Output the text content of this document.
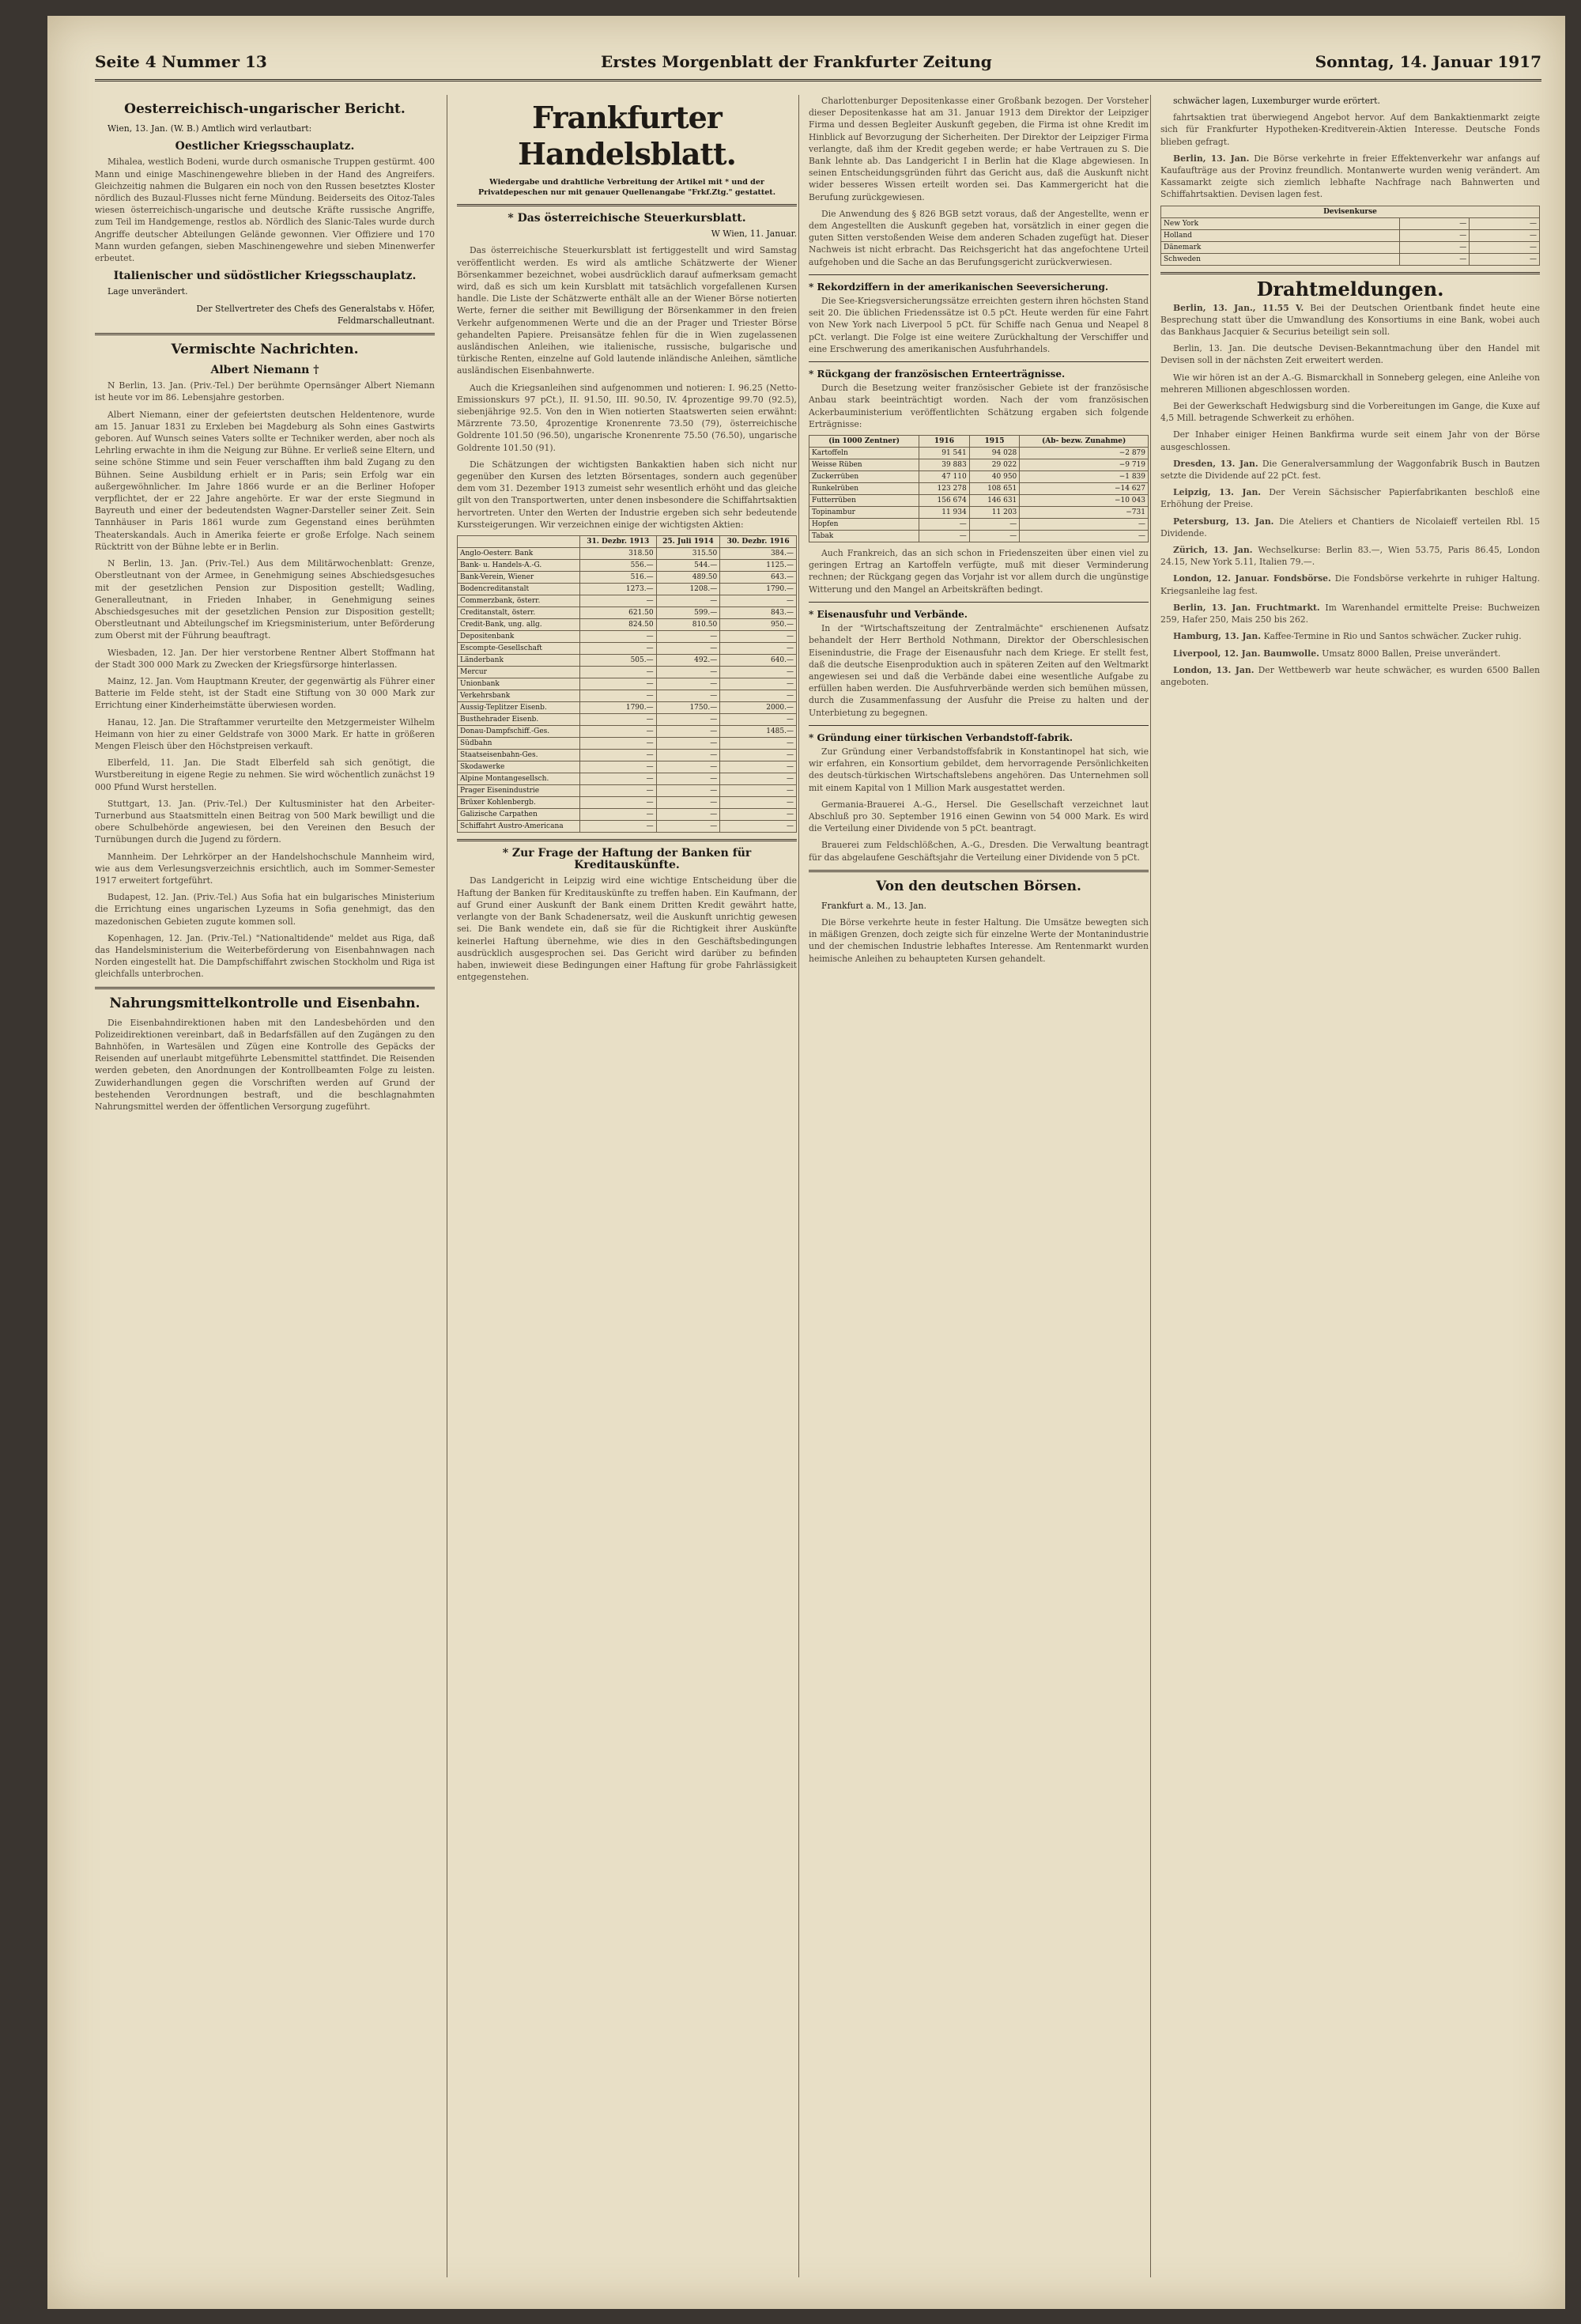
Seite 4 Nummer 13	Erstes Morgenblatt der Frankfurter Zeitung	Sonntag, 14. Januar 1917
Oesterreichisch-ungarischer Bericht.

Wien, 13. Jan. (W. B.) Amtlich wird verlautbart:

Oestlicher Kriegsschauplatz.

Mihalea, westlich Bodeni, wurde durch osmanische Truppen gestürmt. 400 Mann und einige Maschinengewehre blieben in der Hand des Angreifers. Gleichzeitig nahmen die Bulgaren ein noch von den Russen besetztes Kloster nördlich des Buzaul-Flusses nicht ferne Mündung. Beiderseits des Oitoz-Tales wiesen österreichisch-ungarische und deutsche Kräfte russische Angriffe, zum Teil im Handgemenge, restlos ab. Nördlich des Slanic-Tales wurde durch Angriffe deutscher Abteilungen Gelände gewonnen. Vier Offiziere und 170 Mann wurden gefangen, sieben Maschinengewehre und sieben Minenwerfer erbeutet.

Italienischer und südöstlicher Kriegsschauplatz.

Lage unverändert.

Der Stellvertreter des Chefs des Generalstabs v. Höfer, Feldmarschalleutnant.

Vermischte Nachrichten.
Albert Niemann †

N Berlin, 13. Jan. (Priv.-Tel.) Der berühmte Opernsänger Albert Niemann ist heute vor im 86. Lebensjahre gestorben.

Albert Niemann, einer der gefeiertsten deutschen Heldentenore, wurde am 15. Januar 1831 zu Erxleben bei Magdeburg als Sohn eines Gastwirts geboren. Auf Wunsch seines Vaters sollte er Techniker werden, aber noch als Lehrling erwachte in ihm die Neigung zur Bühne. Er verließ seine Eltern, und seine schöne Stimme und sein Feuer verschafften ihm bald Zugang zu den Bühnen. Seine Ausbildung erhielt er in Paris; sein Erfolg war ein außergewöhnlicher. Im Jahre 1866 wurde er an die Berliner Hofoper verpflichtet, der er 22 Jahre angehörte. Er war der erste Siegmund in Bayreuth und einer der bedeutendsten Wagner-Darsteller seiner Zeit. Sein Tannhäuser in Paris 1861 wurde zum Gegenstand eines berühmten Theaterskandals. Auch in Amerika feierte er große Erfolge. Nach seinem Rücktritt von der Bühne lebte er in Berlin.

N Berlin, 13. Jan. (Priv.-Tel.) Aus dem Militärwochenblatt: Grenze, Oberstleutnant von der Armee, in Genehmigung seines Abschiedsgesuches mit der gesetzlichen Pension zur Disposition gestellt; Wadling, Generalleutnant, in Frieden Inhaber, in Genehmigung seines Abschiedsgesuches mit der gesetzlichen Pension zur Disposition gestellt; Oberstleutnant und Abteilungschef im Kriegsministerium, unter Beförderung zum Oberst mit der Führung beauftragt.

Wiesbaden, 12. Jan. Der hier verstorbene Rentner Albert Stoffmann hat der Stadt 300 000 Mark zu Zwecken der Kriegsfürsorge hinterlassen.

Mainz, 12. Jan. Vom Hauptmann Kreuter, der gegenwärtig als Führer einer Batterie im Felde steht, ist der Stadt eine Stiftung von 30 000 Mark zur Errichtung einer Kinderheimstätte überwiesen worden.

Hanau, 12. Jan. Die Straftammer verurteilte den Metzgermeister Wilhelm Heimann von hier zu einer Geldstrafe von 3000 Mark. Er hatte in größeren Mengen Fleisch über den Höchstpreisen verkauft.

Elberfeld, 11. Jan. Die Stadt Elberfeld sah sich genötigt, die Wurstbereitung in eigene Regie zu nehmen. Sie wird wöchentlich zunächst 19 000 Pfund Wurst herstellen.

Stuttgart, 13. Jan. (Priv.-Tel.) Der Kultusminister hat den Arbeiter-Turnerbund aus Staatsmitteln einen Beitrag von 500 Mark bewilligt und die obere Schulbehörde angewiesen, bei den Vereinen den Besuch der Turnübungen durch die Jugend zu fördern.

Mannheim. Der Lehrkörper an der Handelshochschule Mannheim wird, wie aus dem Verlesungsverzeichnis ersichtlich, auch im Sommer-Semester 1917 erweitert fortgeführt.

Budapest, 12. Jan. (Priv.-Tel.) Aus Sofia hat ein bulgarisches Ministerium die Errichtung eines ungarischen Lyzeums in Sofia genehmigt, das den mazedonischen Gebieten zugute kommen soll.

Kopenhagen, 12. Jan. (Priv.-Tel.) "Nationaltidende" meldet aus Riga, daß das Handelsministerium die Weiterbeförderung von Eisenbahnwagen nach Norden eingestellt hat. Die Dampfschiffahrt zwischen Stockholm und Riga ist gleichfalls unterbrochen.

Nahrungsmittelkontrolle und Eisenbahn.

Die Eisenbahndirektionen haben mit den Landesbehörden und den Polizeidirektionen vereinbart, daß in Bedarfsfällen auf den Zugängen zu den Bahnhöfen, in Wartesälen und Zügen eine Kontrolle des Gepäcks der Reisenden auf unerlaubt mitgeführte Lebensmittel stattfindet. Die Reisenden werden gebeten, den Anordnungen der Kontrollbeamten Folge zu leisten. Zuwiderhandlungen gegen die Vorschriften werden auf Grund der bestehenden Verordnungen bestraft, und die beschlagnahmten Nahrungsmittel werden der öffentlichen Versorgung zugeführt.

Frankfurter Handelsblatt.
Wiedergabe und drahtliche Verbreitung der Artikel mit * und der Privatdepeschen nur mit genauer Quellenangabe "Frkf.Ztg." gestattet.
* Das österreichische Steuerkursblatt.

W Wien, 11. Januar.

Das österreichische Steuerkursblatt ist fertiggestellt und wird Samstag veröffentlicht werden. Es wird als amtliche Schätzwerte der Wiener Börsenkammer bezeichnet, wobei ausdrücklich darauf aufmerksam gemacht wird, daß es sich um kein Kursblatt mit tatsächlich vorgefallenen Kursen handle. Die Liste der Schätzwerte enthält alle an der Wiener Börse notierten Werte, ferner die seither mit Bewilligung der Börsenkammer in den freien Verkehr aufgenommenen Werte und die an der Prager und Triester Börse gehandelten Papiere. Preisansätze fehlen für die in Wien zugelassenen ausländischen Anleihen, wie italienische, russische, bulgarische und türkische Renten, einzelne auf Gold lautende inländische Anleihen, sämtliche ausländischen Eisenbahnwerte.

Auch die Kriegsanleihen sind aufgenommen und notieren: I. 96.25 (Netto-Emissionskurs 97 pCt.), II. 91.50, III. 90.50, IV. 4prozentige 99.70 (92.5), siebenjährige 92.5. Von den in Wien notierten Staatswerten seien erwähnt: Märzrente 73.50, 4prozentige Kronenrente 73.50 (79), österreichische Goldrente 101.50 (96.50), ungarische Kronenrente 75.50 (76.50), ungarische Goldrente 101.50 (91).

Die Schätzungen der wichtigsten Bankaktien haben sich nicht nur gegenüber den Kursen des letzten Börsentages, sondern auch gegenüber dem vom 31. Dezember 1913 zumeist sehr wesentlich erhöht und das gleiche gilt von den Transportwerten, unter denen insbesondere die Schiffahrtsaktien hervortreten. Unter den Werten der Industrie ergeben sich sehr bedeutende Kurssteigerungen. Wir verzeichnen einige der wichtigsten Aktien:

	31. Dezbr. 1913	25. Juli 1914	30. Dezbr. 1916
Anglo-Oesterr. Bank	318.50	315.50	384.—
Bank- u. Handels-A.-G.	556.—	544.—	1125.—
Bank-Verein, Wiener	516.—	489.50	643.—
Bodencreditanstalt	1273.—	1208.—	1790.—
Commerzbank, österr.	—	—	—
Creditanstalt, österr.	621.50	599.—	843.—
Credit-Bank, ung. allg.	824.50	810.50	950.—
Depositenbank	—	—	—
Escompte-Gesellschaft	—	—	—
Länderbank	505.—	492.—	640.—
Mercur	—	—	—
Unionbank	—	—	—
Verkehrsbank	—	—	—
Aussig-Teplitzer Eisenb.	1790.—	1750.—	2000.—
Busthehrader Eisenb.	—	—	—
Donau-Dampfschiff.-Ges.	—	—	1485.—
Südbahn	—	—	—
Staatseisenbahn-Ges.	—	—	—
Skodawerke	—	—	—
Alpine Montangesellsch.	—	—	—
Prager Eisenindustrie	—	—	—
Brüxer Kohlenbergb.	—	—	—
Galizische Carpathen	—	—	—
Schiffahrt Austro-Americana	—	—	—
* Zur Frage der Haftung der Banken für Kreditauskünfte.

Das Landgericht in Leipzig wird eine wichtige Entscheidung über die Haftung der Banken für Kreditauskünfte zu treffen haben. Ein Kaufmann, der auf Grund einer Auskunft der Bank einem Dritten Kredit gewährt hatte, verlangte von der Bank Schadenersatz, weil die Auskunft unrichtig gewesen sei. Die Bank wendete ein, daß sie für die Richtigkeit ihrer Auskünfte keinerlei Haftung übernehme, wie dies in den Geschäftsbedingungen ausdrücklich ausgesprochen sei. Das Gericht wird darüber zu befinden haben, inwieweit diese Bedingungen einer Haftung für grobe Fahrlässigkeit entgegenstehen.

Charlottenburger Depositenkasse einer Großbank bezogen. Der Vorsteher dieser Depositenkasse hat am 31. Januar 1913 dem Direktor der Leipziger Firma und dessen Begleiter Auskunft gegeben, die Firma ist ohne Kredit im Hinblick auf Bevorzugung der Sicherheiten. Der Direktor der Leipziger Firma verlangte, daß ihm der Kredit gegeben werde; er habe Vertrauen zu S. Die Bank lehnte ab. Das Landgericht I in Berlin hat die Klage abgewiesen. In seinen Entscheidungsgründen führt das Gericht aus, daß die Auskunft nicht wider besseres Wissen erteilt worden sei. Das Kammergericht hat die Berufung zurückgewiesen.

Die Anwendung des § 826 BGB setzt voraus, daß der Angestellte, wenn er dem Angestellten die Auskunft gegeben hat, vorsätzlich in einer gegen die guten Sitten verstoßenden Weise dem anderen Schaden zugefügt hat. Dieser Nachweis ist nicht erbracht. Das Reichsgericht hat das angefochtene Urteil aufgehoben und die Sache an das Berufungsgericht zurückverwiesen.

* Rekordziffern in der amerikanischen Seeversicherung.

Die See-Kriegsversicherungssätze erreichten gestern ihren höchsten Stand seit 20. Die üblichen Friedenssätze ist 0.5 pCt. Heute werden für eine Fahrt von New York nach Liverpool 5 pCt. für Schiffe nach Genua und Neapel 8 pCt. verlangt. Die Folge ist eine weitere Zurückhaltung der Verschiffer und eine Erschwerung des amerikanischen Ausfuhrhandels.

* Rückgang der französischen Ernteerträgnisse.

Durch die Besetzung weiter französischer Gebiete ist der französische Anbau stark beeinträchtigt worden. Nach der vom französischen Ackerbauministerium veröffentlichten Schätzung ergaben sich folgende Erträgnisse:

(in 1000 Zentner)	1916	1915	(Ab- bezw. Zunahme)
Kartoffeln	91 541	94 028	−2 879
Weisse Rüben	39 883	29 022	−9 719
Zuckerrüben	47 110	40 950	−1 839
Runkelrüben	123 278	108 651	−14 627
Futterrüben	156 674	146 631	−10 043
Topinambur	11 934	11 203	−731
Hopfen	—	—	—
Tabak	—	—	—

Auch Frankreich, das an sich schon in Friedenszeiten über einen viel zu geringen Ertrag an Kartoffeln verfügte, muß mit dieser Verminderung rechnen; der Rückgang gegen das Vorjahr ist vor allem durch die ungünstige Witterung und den Mangel an Arbeitskräften bedingt.

* Eisenausfuhr und Verbände.

In der "Wirtschaftszeitung der Zentralmächte" erschienenen Aufsatz behandelt der Herr Berthold Nothmann, Direktor der Oberschlesischen Eisenindustrie, die Frage der Eisenausfuhr nach dem Kriege. Er stellt fest, daß die deutsche Eisenproduktion auch in späteren Zeiten auf den Weltmarkt angewiesen sei und daß die Verbände dabei eine wesentliche Aufgabe zu erfüllen haben werden. Die Ausfuhrverbände werden sich bemühen müssen, durch die Zusammenfassung der Ausfuhr die Preise zu halten und der Unterbietung zu begegnen.

* Gründung einer türkischen Verbandstoff-fabrik.

Zur Gründung einer Verbandstoffsfabrik in Konstantinopel hat sich, wie wir erfahren, ein Konsortium gebildet, dem hervorragende Persönlichkeiten des deutsch-türkischen Wirtschaftslebens angehören. Das Unternehmen soll mit einem Kapital von 1 Million Mark ausgestattet werden.

Germania-Brauerei A.-G., Hersel. Die Gesellschaft verzeichnet laut Abschluß pro 30. September 1916 einen Gewinn von 54 000 Mark. Es wird die Verteilung einer Dividende von 5 pCt. beantragt.

Brauerei zum Feldschlößchen, A.-G., Dresden. Die Verwaltung beantragt für das abgelaufene Geschäftsjahr die Verteilung einer Dividende von 5 pCt.

Von den deutschen Börsen.

Frankfurt a. M., 13. Jan.

Die Börse verkehrte heute in fester Haltung. Die Umsätze bewegten sich in mäßigen Grenzen, doch zeigte sich für einzelne Werte der Montanindustrie und der chemischen Industrie lebhaftes Interesse. Am Rentenmarkt wurden heimische Anleihen zu behaupteten Kursen gehandelt.

schwächer lagen, Luxemburger wurde erörtert.

fahrtsaktien trat überwiegend Angebot hervor. Auf dem Bankaktienmarkt zeigte sich für Frankfurter Hypotheken-Kreditverein-Aktien Interesse. Deutsche Fonds blieben gefragt.

Berlin, 13. Jan. Die Börse verkehrte in freier Effektenverkehr war anfangs auf Kaufaufträge aus der Provinz freundlich. Montanwerte wurden wenig verändert. Am Kassamarkt zeigte sich ziemlich lebhafte Nachfrage nach Bahnwerten und Schiffahrtsaktien. Devisen lagen fest.

Devisenkurse		
New York	—	—
Holland	—	—
Dänemark	—	—
Schweden	—	—
Drahtmeldungen.

Berlin, 13. Jan., 11.55 V. Bei der Deutschen Orientbank findet heute eine Besprechung statt über die Umwandlung des Konsortiums in eine Bank, wobei auch das Bankhaus Jacquier & Securius beteiligt sein soll.

Berlin, 13. Jan. Die deutsche Devisen-Bekanntmachung über den Handel mit Devisen soll in der nächsten Zeit erweitert werden.

Wie wir hören ist an der A.-G. Bismarckhall in Sonneberg gelegen, eine Anleihe von mehreren Millionen abgeschlossen worden.

Bei der Gewerkschaft Hedwigsburg sind die Vorbereitungen im Gange, die Kuxe auf 4,5 Mill. betragende Schwerkeit zu erhöhen.

Der Inhaber einiger Heinen Bankfirma wurde seit einem Jahr von der Börse ausgeschlossen.

Dresden, 13. Jan. Die Generalversammlung der Waggonfabrik Busch in Bautzen setzte die Dividende auf 22 pCt. fest.

Leipzig, 13. Jan. Der Verein Sächsischer Papierfabrikanten beschloß eine Erhöhung der Preise.

Petersburg, 13. Jan. Die Ateliers et Chantiers de Nicolaieff verteilen Rbl. 15 Dividende.

Zürich, 13. Jan. Wechselkurse: Berlin 83.—, Wien 53.75, Paris 86.45, London 24.15, New York 5.11, Italien 79.—.

London, 12. Januar. Fondsbörse. Die Fondsbörse verkehrte in ruhiger Haltung. Kriegsanleihe lag fest.

Berlin, 13. Jan. Fruchtmarkt. Im Warenhandel ermittelte Preise: Buchweizen 259, Hafer 250, Mais 250 bis 262.

Hamburg, 13. Jan. Kaffee-Termine in Rio und Santos schwächer. Zucker ruhig.

Liverpool, 12. Jan. Baumwolle. Umsatz 8000 Ballen, Preise unverändert.

London, 13. Jan. Der Wettbewerb war heute schwächer, es wurden 6500 Ballen angeboten.
